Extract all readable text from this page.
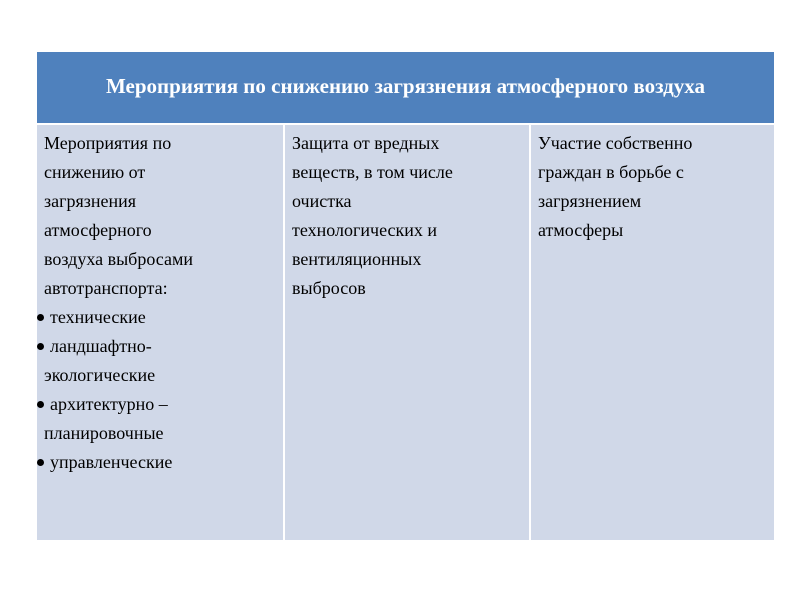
Мероприятия по снижению загрязнения атмосферного воздуха

Мероприятия по
снижению от
загрязнения
атмосферного
воздуха выбросами
автотранспорта:
технические
ландшафтно-
экологические
архитектурно –
планировочные
управленческие

Защита от вредных
веществ, в том числе
очистка
технологических и
вентиляционных
выбросов

Участие собственно
граждан в борьбе с
загрязнением
атмосферы
